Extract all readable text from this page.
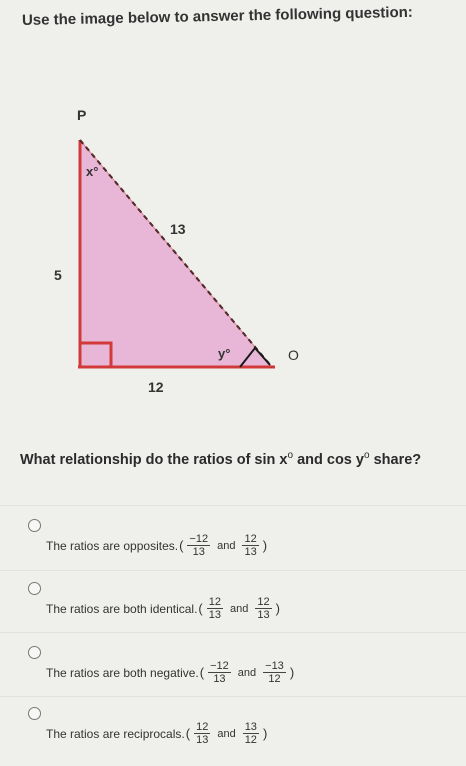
Use the image below to answer the following question:
P
O
x°
y°
13
5
12
What relationship do the ratios of $\sin x^o$ and $\cos y^o$ share?
The ratios are opposites. ( $\frac{-12}{13}$ and $\frac{12}{13}$ )
The ratios are both identical. ( $\frac{12}{13}$ and $\frac{12}{13}$ )
The ratios are both negative. ( $\frac{-12}{13}$ and $\frac{-13}{12}$ )
The ratios are reciprocals. ( $\frac{12}{13}$ and $\frac{13}{12}$ )
